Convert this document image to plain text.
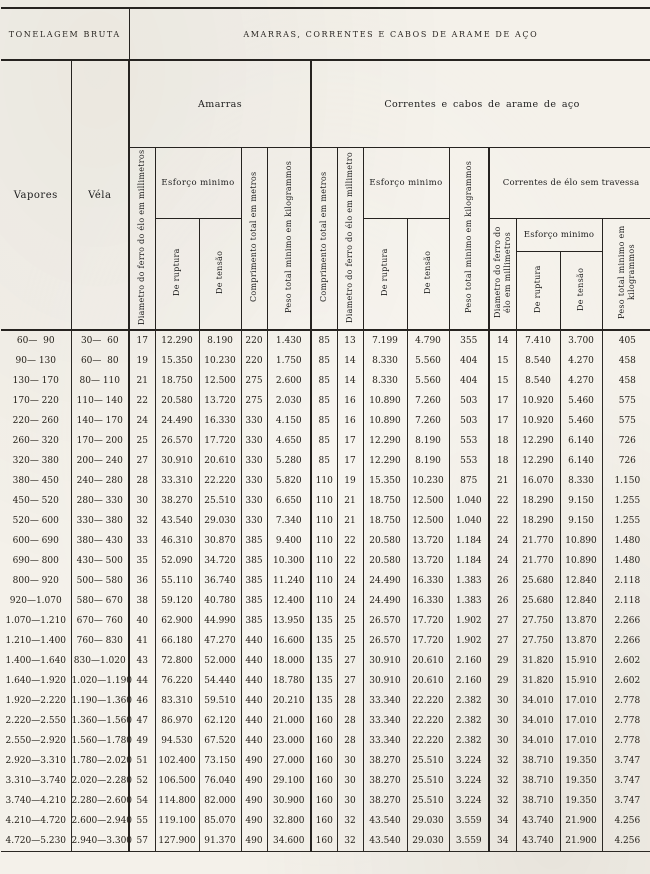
TONELAGEM BRUTA		AMARRAS, CORRENTES E CABOS DE ARAME DE AÇO													
Vapores	Véla	Amarras					Correntes e cabos de arame de aço								
		Diametro do ferro do élo em millimetros	Esforço minimo		Comprimento total em metros	Peso total minimo em kilogrammos	Comprimento total em metros	Diametro do ferro do élo em millimetro	Esforço minimo		Peso total minimo em kilogrammos	Correntes de élo sem travessa			
			De ruptura	De tensão					De ruptura	De tensão		Diametro do ferro do élo em millimetros	Esforço minimo		Peso total minimo em kilogrammos
													De ruptura	De tensão	
60—  90	30—  60	17	12.290	8.190	220	1.430	85	13	7.199	4.790	355	14	7.410	3.700	405
90— 130	60—  80	19	15.350	10.230	220	1.750	85	14	8.330	5.560	404	15	8.540	4.270	458
130— 170	80— 110	21	18.750	12.500	275	2.600	85	14	8.330	5.560	404	15	8.540	4.270	458
170— 220	110— 140	22	20.580	13.720	275	2.030	85	16	10.890	7.260	503	17	10.920	5.460	575
220— 260	140— 170	24	24.490	16.330	330	4.150	85	16	10.890	7.260	503	17	10.920	5.460	575
260— 320	170— 200	25	26.570	17.720	330	4.650	85	17	12.290	8.190	553	18	12.290	6.140	726
320— 380	200— 240	27	30.910	20.610	330	5.280	85	17	12.290	8.190	553	18	12.290	6.140	726
380— 450	240— 280	28	33.310	22.220	330	5.820	110	19	15.350	10.230	875	21	16.070	8.330	1.150
450— 520	280— 330	30	38.270	25.510	330	6.650	110	21	18.750	12.500	1.040	22	18.290	9.150	1.255
520— 600	330— 380	32	43.540	29.030	330	7.340	110	21	18.750	12.500	1.040	22	18.290	9.150	1.255
600— 690	380— 430	33	46.310	30.870	385	9.400	110	22	20.580	13.720	1.184	24	21.770	10.890	1.480
690— 800	430— 500	35	52.090	34.720	385	10.300	110	22	20.580	13.720	1.184	24	21.770	10.890	1.480
800— 920	500— 580	36	55.110	36.740	385	11.240	110	24	24.490	16.330	1.383	26	25.680	12.840	2.118
920—1.070	580— 670	38	59.120	40.780	385	12.400	110	24	24.490	16.330	1.383	26	25.680	12.840	2.118
1.070—1.210	670— 760	40	62.900	44.990	385	13.950	135	25	26.570	17.720	1.902	27	27.750	13.870	2.266
1.210—1.400	760— 830	41	66.180	47.270	440	16.600	135	25	26.570	17.720	1.902	27	27.750	13.870	2.266
1.400—1.640	830—1.020	43	72.800	52.000	440	18.000	135	27	30.910	20.610	2.160	29	31.820	15.910	2.602
1.640—1.920	1.020—1.190	44	76.220	54.440	440	18.780	135	27	30.910	20.610	2.160	29	31.820	15.910	2.602
1.920—2.220	1.190—1.360	46	83.310	59.510	440	20.210	135	28	33.340	22.220	2.382	30	34.010	17.010	2.778
2.220—2.550	1.360—1.560	47	86.970	62.120	440	21.000	160	28	33.340	22.220	2.382	30	34.010	17.010	2.778
2.550—2.920	1.560—1.780	49	94.530	67.520	440	23.000	160	28	33.340	22.220	2.382	30	34.010	17.010	2.778
2.920—3.310	1.780—2.020	51	102.400	73.150	490	27.000	160	30	38.270	25.510	3.224	32	38.710	19.350	3.747
3.310—3.740	2.020—2.280	52	106.500	76.040	490	29.100	160	30	38.270	25.510	3.224	32	38.710	19.350	3.747
3.740—4.210	2.280—2.600	54	114.800	82.000	490	30.900	160	30	38.270	25.510	3.224	32	38.710	19.350	3.747
4.210—4.720	2.600—2.940	55	119.100	85.070	490	32.800	160	32	43.540	29.030	3.559	34	43.740	21.900	4.256
4.720—5.230	2.940—3.300	57	127.900	91.370	490	34.600	160	32	43.540	29.030	3.559	34	43.740	21.900	4.256
